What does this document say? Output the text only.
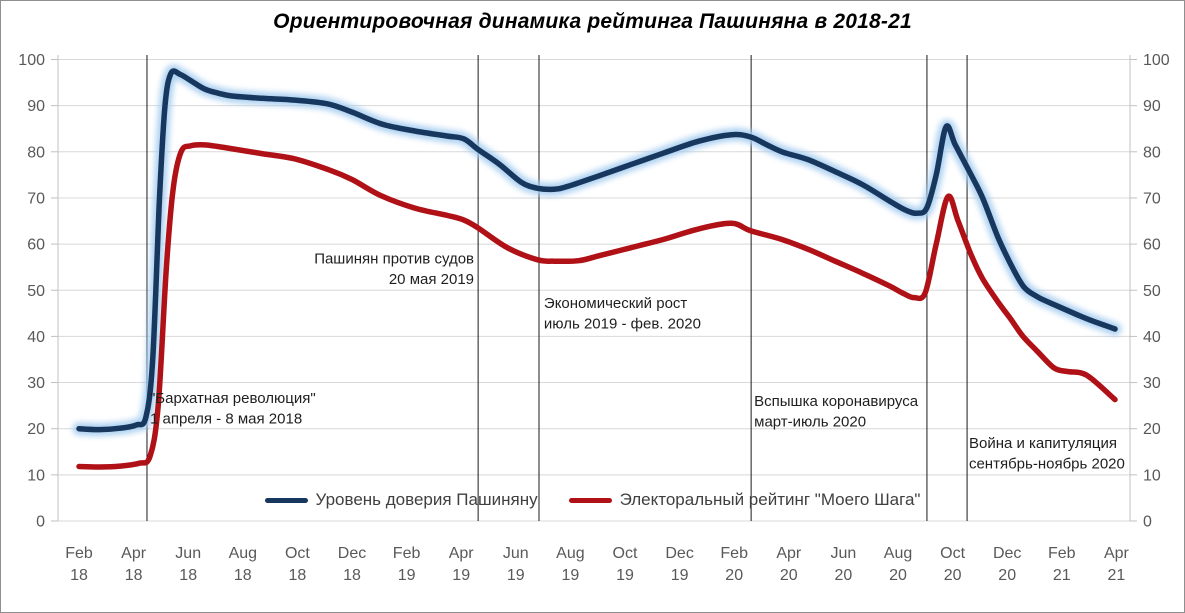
Ориентировочная динамика рейтинга Пашиняна в 2018-21
0
10
20
30
40
50
60
70
80
90
100
0
10
20
30
40
50
60
70
80
90
100
Feb
18
Apr
18
Jun
18
Aug
18
Oct
18
Dec
18
Feb
19
Apr
19
Jun
19
Aug
19
Oct
19
Dec
19
Feb
20
Apr
20
Jun
20
Aug
20
Oct
20
Dec
20
Feb
21
Apr
21
"Бархатная революция"
1 апреля - 8 мая 2018
Пашинян против судов
20 мая 2019
Экономический рост
июль 2019 - фев. 2020
Вспышка коронавируса
март-июль 2020
Война и капитуляция
сентябрь-ноябрь 2020
Уровень доверия Пашиняну	Электоральный рейтинг "Моего Шага"
